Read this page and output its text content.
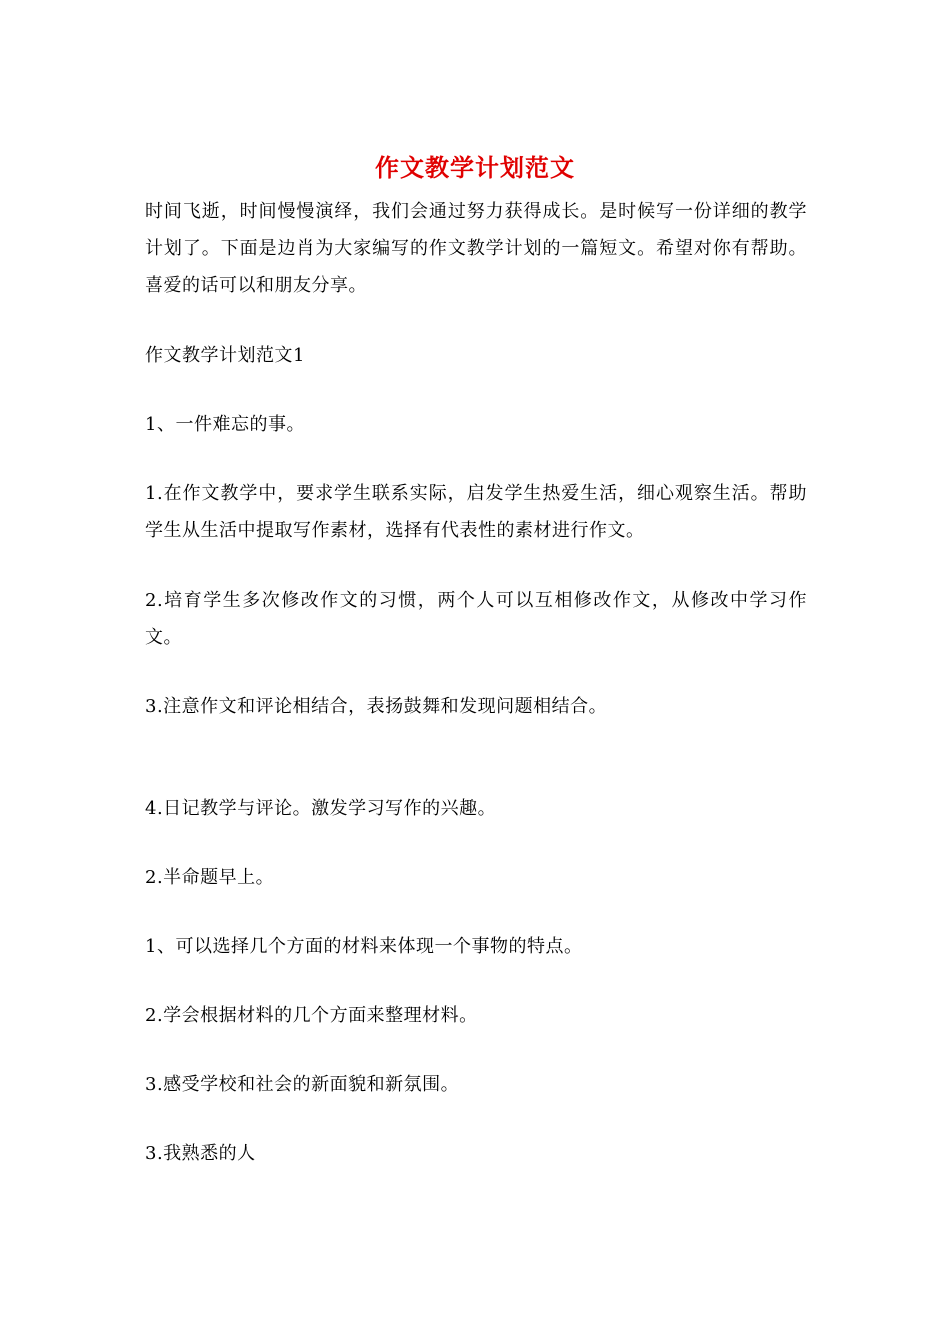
作文教学计划范文

时间飞逝，时间慢慢演绎，我们会通过努力获得成长。是时候写一份详细的教学计划了。下面是边肖为大家编写的作文教学计划的一篇短文。希望对你有帮助。喜爱的话可以和朋友分享。

作文教学计划范文1

1、一件难忘的事。

1.在作文教学中，要求学生联系实际，启发学生热爱生活，细心观察生活。帮助学生从生活中提取写作素材，选择有代表性的素材进行作文。

2.培育学生多次修改作文的习惯，两个人可以互相修改作文，从修改中学习作文。

3.注意作文和评论相结合，表扬鼓舞和发现问题相结合。

4.日记教学与评论。激发学习写作的兴趣。

2.半命题早上。

1、可以选择几个方面的材料来体现一个事物的特点。

2.学会根据材料的几个方面来整理材料。

3.感受学校和社会的新面貌和新氛围。

3.我熟悉的人
